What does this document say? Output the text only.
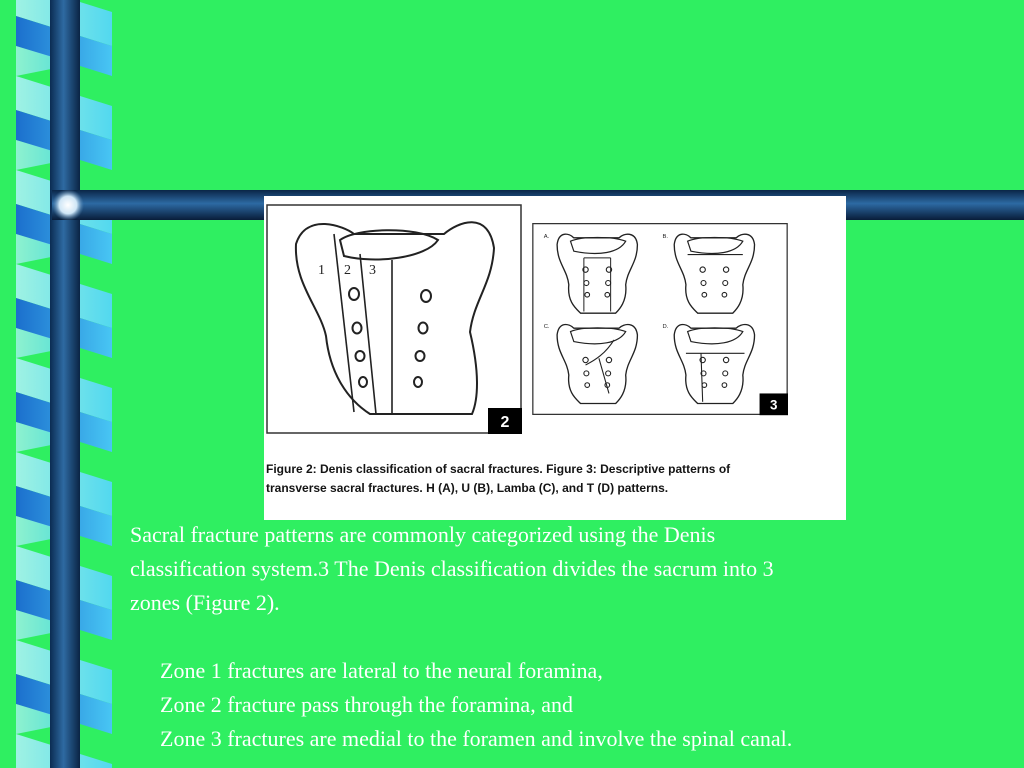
1 2 3
2
A.	B.
C.	D.
3

Figure 2: Denis classification of sacral fractures. Figure 3: Descriptive patterns of
transverse sacral fractures. H (A), U (B), Lamba (C), and T (D) patterns.

Sacral fracture patterns are commonly categorized using the Denis

classification system.3 The Denis classification divides the sacrum into 3

zones (Figure 2).

Zone 1 fractures are lateral to the neural foramina,

Zone 2 fracture pass through the foramina, and

Zone 3 fractures are medial to the foramen and involve the spinal canal.
